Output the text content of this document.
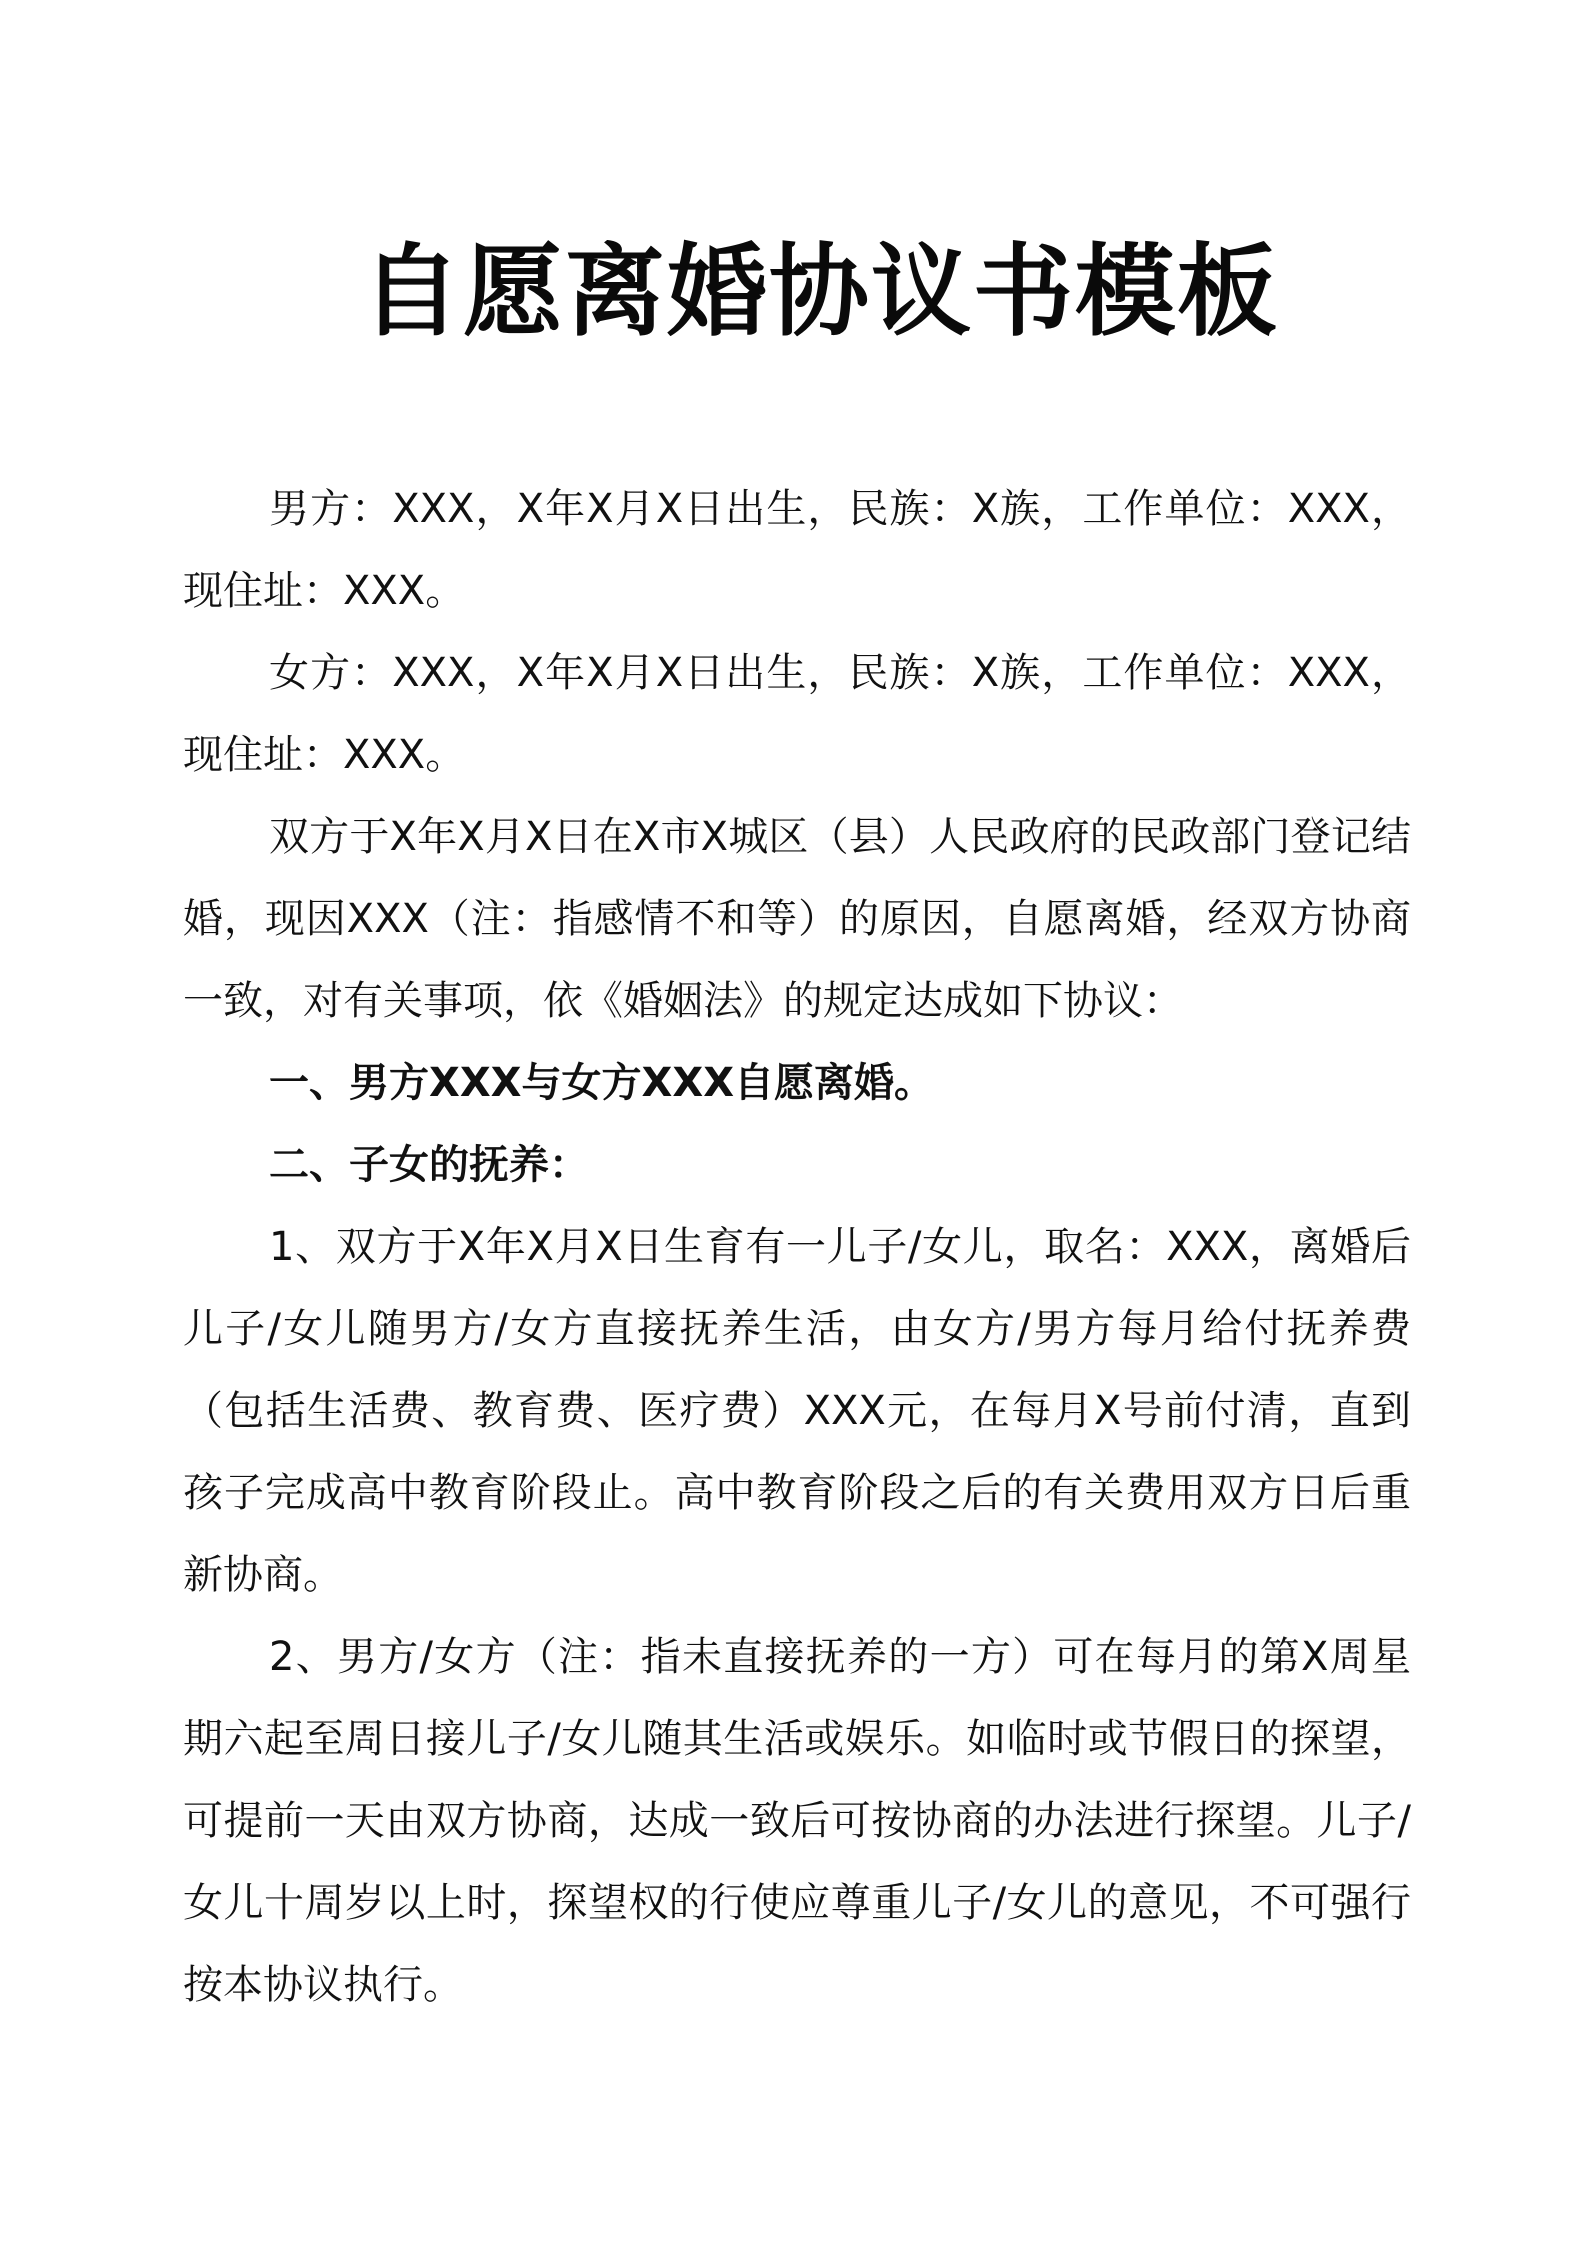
自愿离婚协议书模板

男方：XXX，X年X月X日出生，民族：X族，工作单位：XXX，现住址：XXX。

女方：XXX，X年X月X日出生，民族：X族，工作单位：XXX，现住址：XXX。

双方于X年X月X日在X市X城区（县）人民政府的民政部门登记结婚，现因XXX（注：指感情不和等）的原因，自愿离婚，经双方协商一致，对有关事项，依《婚姻法》的规定达成如下协议：

一、男方XXX与女方XXX自愿离婚。

二、子女的抚养：

1、双方于X年X月X日生育有一儿子/女儿，取名：XXX，离婚后儿子/女儿随男方/女方直接抚养生活，由女方/男方每月给付抚养费（包括生活费、教育费、医疗费）XXX元，在每月X号前付清，直到孩子完成高中教育阶段止。高中教育阶段之后的有关费用双方日后重新协商。

2、男方/女方（注：指未直接抚养的一方）可在每月的第X周星期六起至周日接儿子/女儿随其生活或娱乐。如临时或节假日的探望，可提前一天由双方协商，达成一致后可按协商的办法进行探望。儿子/女儿十周岁以上时，探望权的行使应尊重儿子/女儿的意见，不可强行按本协议执行。
